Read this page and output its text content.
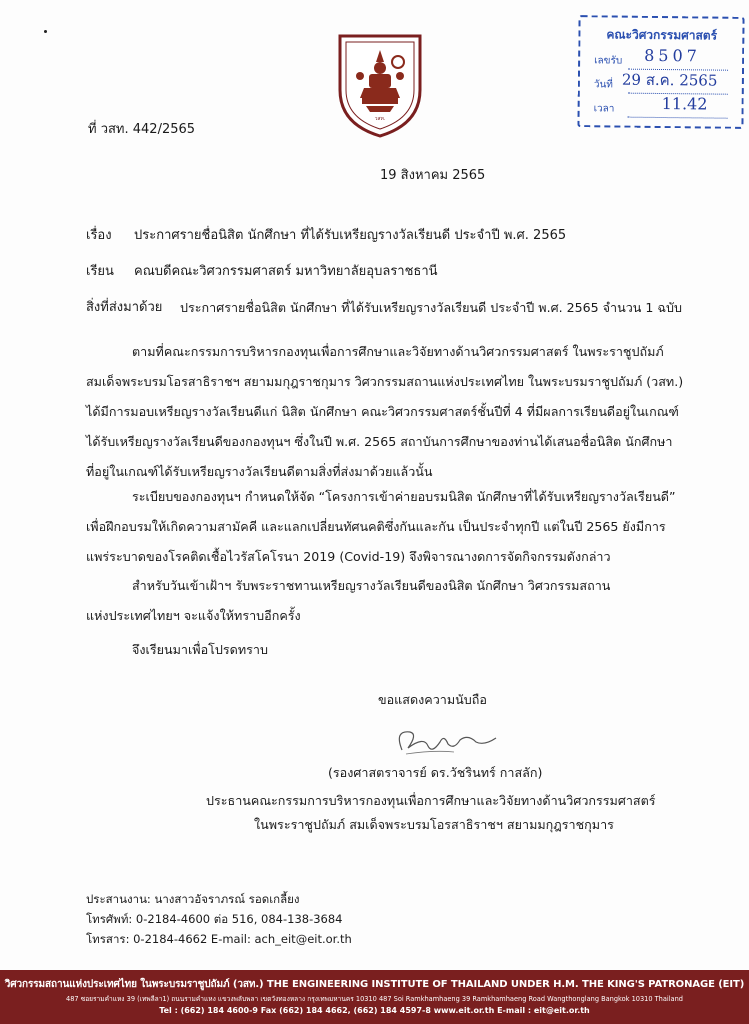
วสท.
คณะวิศวกรรมศาสตร์
เลขรับ 8507
วันที่ 29 ส.ค. 2565
เวลา	11.42
ที่ วสท. 442/2565
19 สิงหาคม 2565
เรื่อง ประกาศรายชื่อนิสิต นักศึกษา ที่ได้รับเหรียญรางวัลเรียนดี ประจำปี พ.ศ. 2565
เรียน คณบดีคณะวิศวกรรมศาสตร์ มหาวิทยาลัยอุบลราชธานี
สิ่งที่ส่งมาด้วย ประกาศรายชื่อนิสิต นักศึกษา ที่ได้รับเหรียญรางวัลเรียนดี ประจำปี พ.ศ. 2565 จำนวน 1 ฉบับ
ตามที่คณะกรรมการบริหารกองทุนเพื่อการศึกษาและวิจัยทางด้านวิศวกรรมศาสตร์ ในพระราชูปถัมภ์
สมเด็จพระบรมโอรสาธิราชฯ สยามมกุฎราชกุมาร วิศวกรรมสถานแห่งประเทศไทย ในพระบรมราชูปถัมภ์ (วสท.)
ได้มีการมอบเหรียญรางวัลเรียนดีแก่ นิสิต นักศึกษา คณะวิศวกรรมศาสตร์ชั้นปีที่ 4 ที่มีผลการเรียนดีอยู่ในเกณฑ์
ได้รับเหรียญรางวัลเรียนดีของกองทุนฯ ซึ่งในปี พ.ศ. 2565 สถาบันการศึกษาของท่านได้เสนอชื่อนิสิต นักศึกษา
ที่อยู่ในเกณฑ์ได้รับเหรียญรางวัลเรียนดีตามสิ่งที่ส่งมาด้วยแล้วนั้น
ระเบียบของกองทุนฯ กำหนดให้จัด “โครงการเข้าค่ายอบรมนิสิต นักศึกษาที่ได้รับเหรียญรางวัลเรียนดี”
เพื่อฝึกอบรมให้เกิดความสามัคคี และแลกเปลี่ยนทัศนคติซึ่งกันและกัน เป็นประจำทุกปี แต่ในปี 2565 ยังมีการ
แพร่ระบาดของโรคติดเชื้อไวรัสโคโรนา 2019 (Covid-19) จึงพิจารณางดการจัดกิจกรรมดังกล่าว
สำหรับวันเข้าเฝ้าฯ รับพระราชทานเหรียญรางวัลเรียนดีของนิสิต นักศึกษา วิศวกรรมสถาน
แห่งประเทศไทยฯ จะแจ้งให้ทราบอีกครั้ง
จึงเรียนมาเพื่อโปรดทราบ
ขอแสดงความนับถือ
(รองศาสตราจารย์ ดร.วัชรินทร์ กาสลัก)
ประธานคณะกรรมการบริหารกองทุนเพื่อการศึกษาและวิจัยทางด้านวิศวกรรมศาสตร์
ในพระราชูปถัมภ์ สมเด็จพระบรมโอรสาธิราชฯ สยามมกุฎราชกุมาร
ประสานงาน: นางสาวอัจราภรณ์ รอดเกลี้ยง
โทรศัพท์: 0-2184-4600 ต่อ 516, 084-138-3684
โทรสาร: 0-2184-4662 E-mail: ach_eit@eit.or.th
วิศวกรรมสถานแห่งประเทศไทย ในพระบรมราชูปถัมภ์ (วสท.) THE ENGINEERING INSTITUTE OF THAILAND UNDER H.M. THE KING'S PATRONAGE (EIT)
487 ซอยรามคำแหง 39 (เทพลีลา1) ถนนรามคำแหง แขวงพลับพลา เขตวังทองหลาง กรุงเทพมหานคร 10310 487 Soi Ramkhamhaeng 39 Ramkhamhaeng Road Wangthonglang Bangkok 10310 Thailand
Tel : (662) 184 4600-9 Fax (662) 184 4662, (662) 184 4597-8 www.eit.or.th E-mail : eit@eit.or.th
